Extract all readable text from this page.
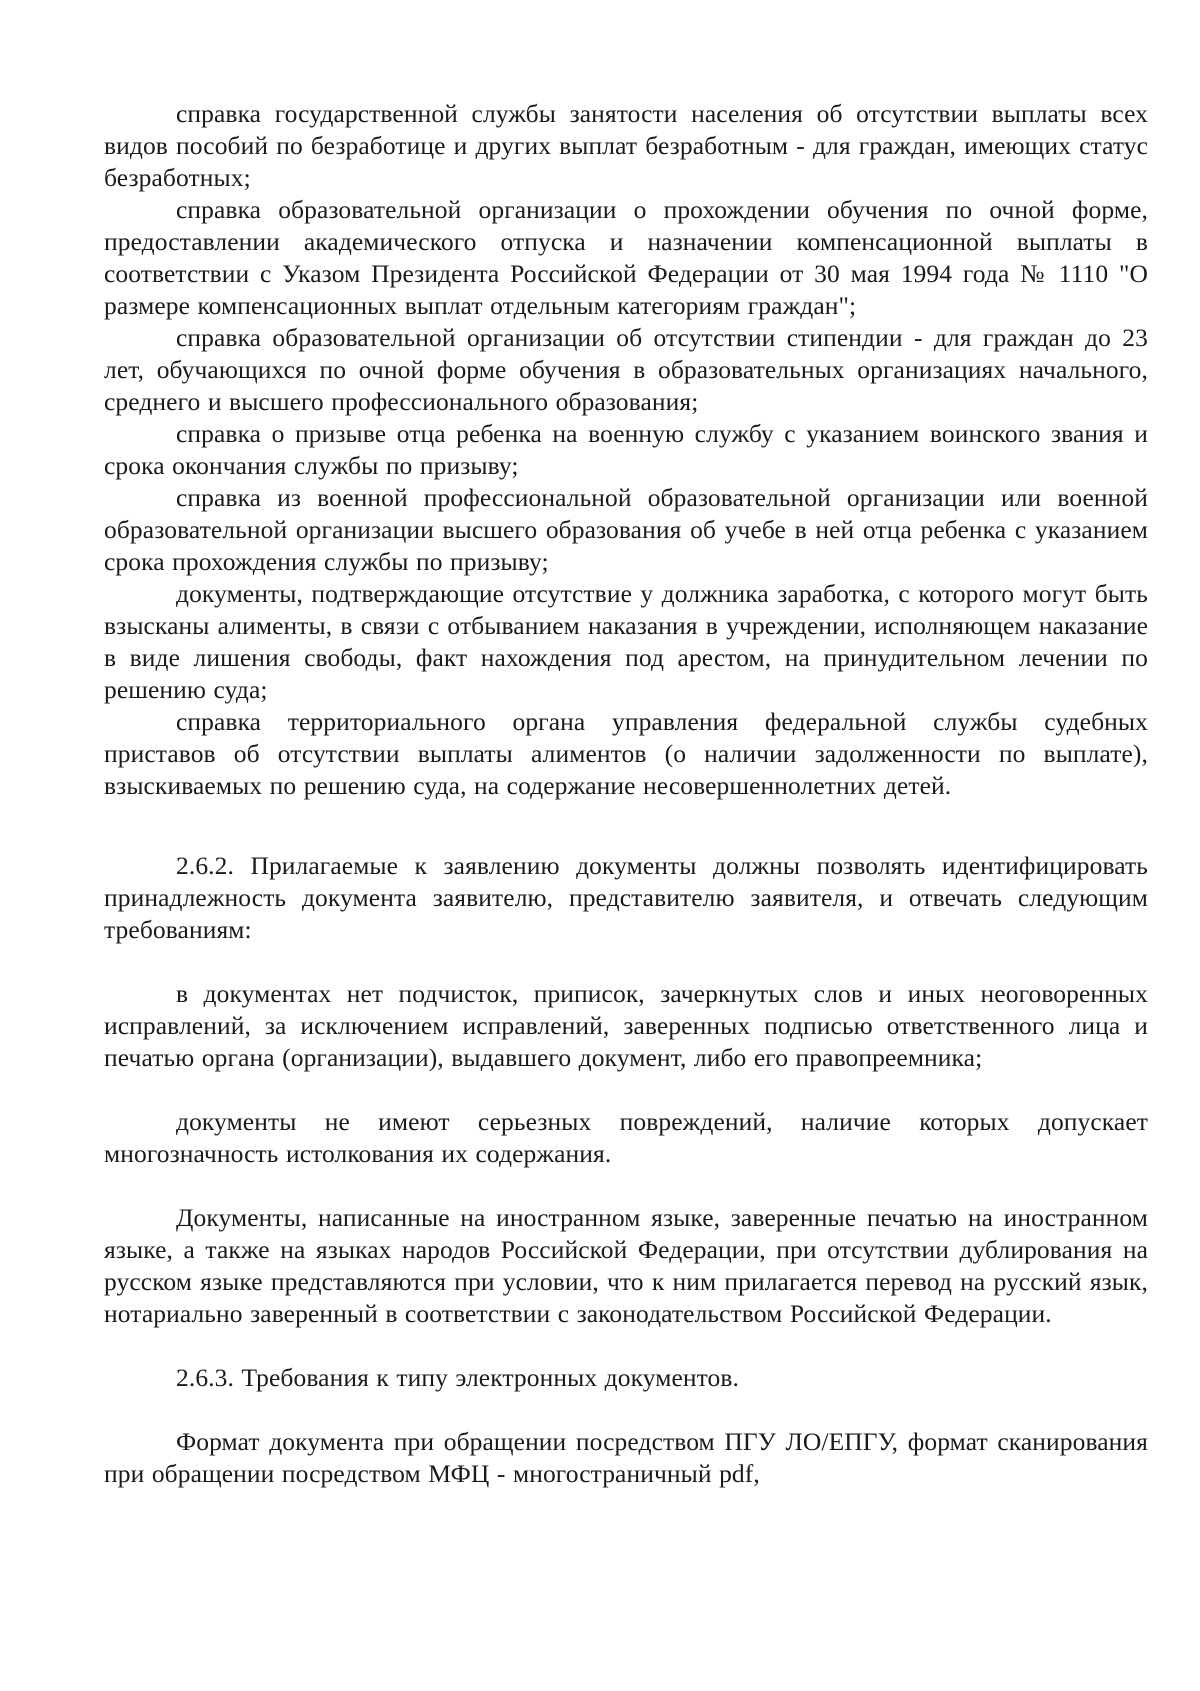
справка государственной службы занятости населения об отсутствии выплаты всех видов пособий по безработице и других выплат безработным - для граждан, имеющих статус безработных;

справка образовательной организации о прохождении обучения по очной форме, предоставлении академического отпуска и назначении компенсационной выплаты в соответствии с Указом Президента Российской Федерации от 30 мая 1994 года № 1110 "О размере компенсационных выплат отдельным категориям граждан";

справка образовательной организации об отсутствии стипендии - для граждан до 23 лет, обучающихся по очной форме обучения в образовательных организациях начального, среднего и высшего профессионального образования;

справка о призыве отца ребенка на военную службу с указанием воинского звания и срока окончания службы по призыву;

справка из военной профессиональной образовательной организации или военной образовательной организации высшего образования об учебе в ней отца ребенка с указанием срока прохождения службы по призыву;

документы, подтверждающие отсутствие у должника заработка, с которого могут быть взысканы алименты, в связи с отбыванием наказания в учреждении, исполняющем наказание в виде лишения свободы, факт нахождения под арестом, на принудительном лечении по решению суда;

справка территориального органа управления федеральной службы судебных приставов об отсутствии выплаты алиментов (о наличии задолженности по выплате), взыскиваемых по решению суда, на содержание несовершеннолетних детей.

2.6.2. Прилагаемые к заявлению документы должны позволять идентифицировать принадлежность документа заявителю, представителю заявителя, и отвечать следующим требованиям:

в документах нет подчисток, приписок, зачеркнутых слов и иных неоговоренных исправлений, за исключением исправлений, заверенных подписью ответственного лица и печатью органа (организации), выдавшего документ, либо его правопреемника;

документы не имеют серьезных повреждений, наличие которых допускает многозначность истолкования их содержания.

Документы, написанные на иностранном языке, заверенные печатью на иностранном языке, а также на языках народов Российской Федерации, при отсутствии дублирования на русском языке представляются при условии, что к ним прилагается перевод на русский язык, нотариально заверенный в соответствии с законодательством Российской Федерации.

2.6.3. Требования к типу электронных документов.

Формат документа при обращении посредством ПГУ ЛО/ЕПГУ, формат сканирования при обращении посредством МФЦ - многостраничный pdf,
